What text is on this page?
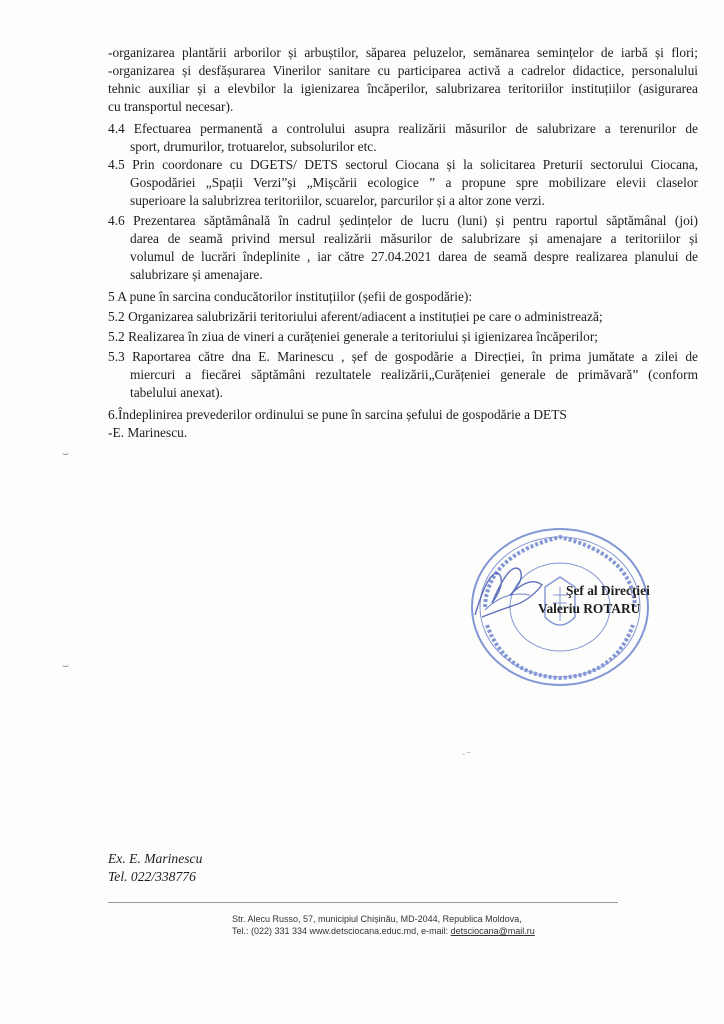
-organizarea plantării arborilor și arbuștilor, săparea peluzelor, semănarea semințelor de iarbă și flori;
-organizarea și desfășurarea Vinerilor sanitare cu participarea activă a cadrelor didactice, personalului
tehnic auxiliar și a elevbilor la igienizarea încăperilor, salubrizarea teritoriilor instituțiilor (asigurarea
cu transportul necesar).
4.4 Efectuarea permanentă a controlului asupra realizării măsurilor de salubrizare a terenurilor de
sport, drumurilor, trotuarelor, subsolurilor etc.
4.5 Prin coordonare cu DGETS/ DETS sectorul Ciocana și la solicitarea Preturii sectorului Ciocana,
Gospodăriei „Spații Verzi”și „Mișcării ecologice ” a propune spre mobilizare elevii claselor
superioare la salubrizrea teritoriilor, scuarelor, parcurilor și a altor zone verzi.
4.6 Prezentarea săptămânală în cadrul ședințelor de lucru (luni) și pentru raportul săptămânal (joi)
darea de seamă privind mersul realizării măsurilor de salubrizare și amenajare a teritoriilor și
volumul de lucrări îndeplinite , iar către 27.04.2021 darea de seamă despre realizarea planului de
salubrizare și amenajare.
5 A pune în sarcina conducătorilor instituțiilor (șefii de gospodărie):
5.2 Organizarea salubrizării teritoriului aferent/adiacent a instituției pe care o administrează;
5.2 Realizarea în ziua de vineri a curățeniei generale a teritoriului și igienizarea încăperilor;
5.3 Raportarea către dna E. Marinescu , șef de gospodărie a Direcției, în prima jumătate a zilei de
miercuri a fiecărei săptămâni rezultatele realizării„Curățeniei generale de primăvară” (conform
tabelului anexat).
6.Îndeplinirea prevederilor ordinului se pune în sarcina șefului de gospodărie a DETS
-E. Marinescu.
Şef al Direcţiei
Valeriu ROTARU
⌣
⌣
·⁻
Ex. E. Marinescu
Tel. 022/338776
Str. Alecu Russo, 57, municipiul Chișinău, MD-2044, Republica Moldova,
Tel.: (022) 331 334 www.detsciocana.educ.md, e-mail: detsciocana@mail.ru
